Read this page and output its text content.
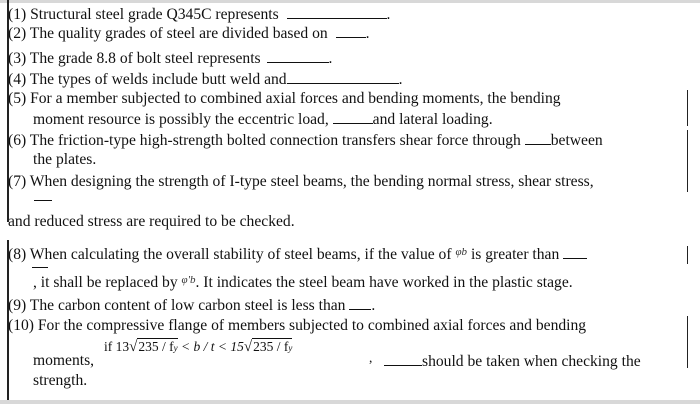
(1) Structural steel grade Q345C represents	.
(2) The quality grades of steel are divided based on .
(3) The grade 8.8 of bolt steel represents	.
(4) The types of welds include butt weld and	.
(5) For a member subjected to combined axial forces and bending moments, the bending
moment resource is possibly the eccentric load,	and lateral loading.
(6) The friction-type high-strength bolted connection transfers shear force through between
the plates.
(7) When designing the strength of I-type steel beams, the bending normal stress, shear stress,
and reduced stress are required to be checked.
(8) When calculating the overall stability of steel beams, if the value of $^{\varphi b}$ is greater than
, it shall be replaced by $^{\varphi'b}$. It indicates the steel beam have worked in the plastic stage.
(9) The carbon content of low carbon steel is less than .
(10) For the compressive flange of members subjected to combined axial forces and bending
if 13√235 / fy < b / t < 15√235 / fy
,
moments,	should be taken when checking the
strength.
